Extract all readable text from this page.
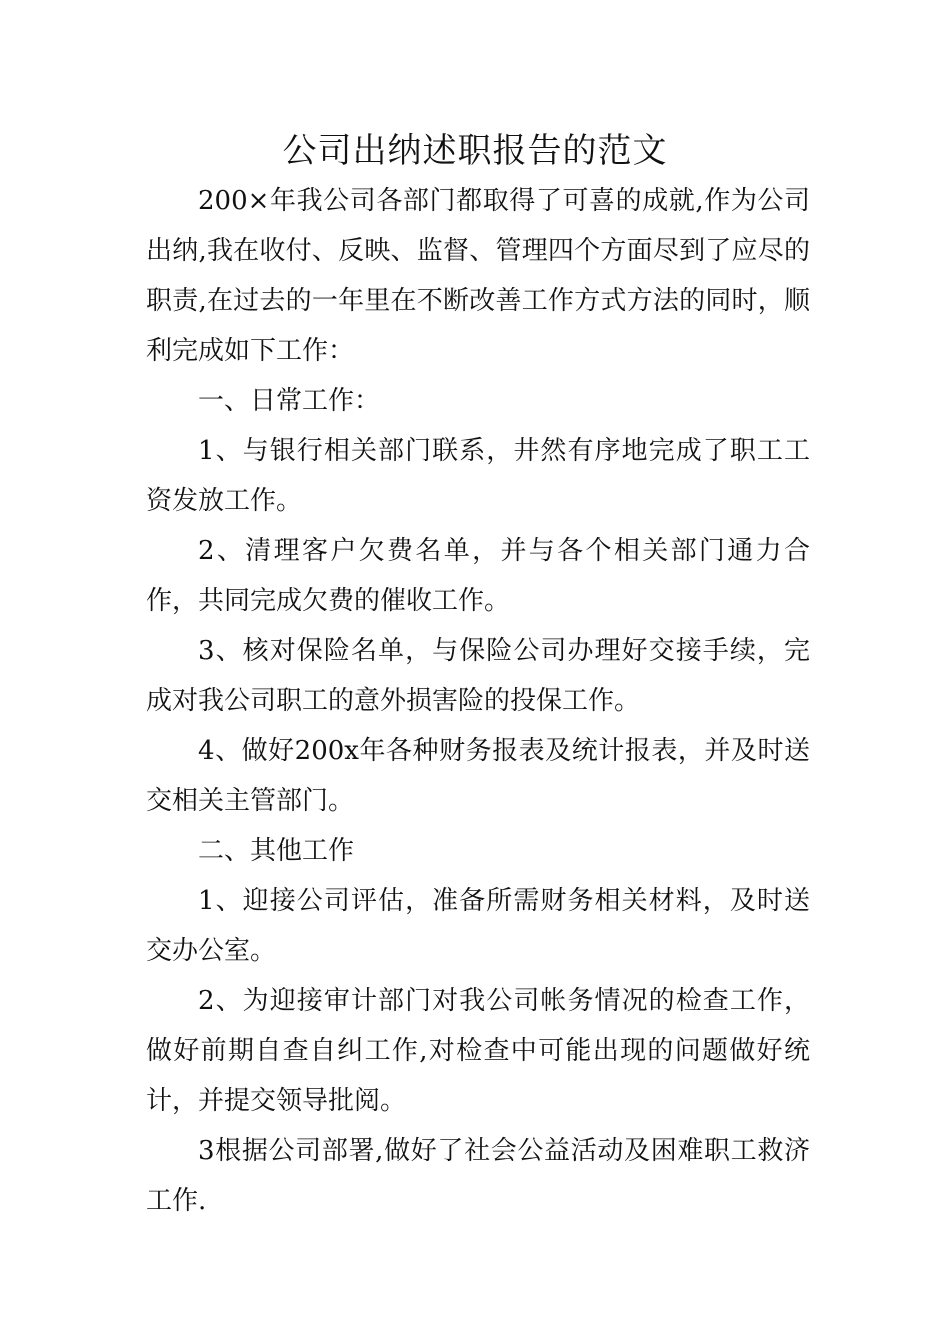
公司出纳述职报告的范文

200×年我公司各部门都取得了可喜的成就,作为公司出纳,我在收付、反映、监督、管理四个方面尽到了应尽的职责,在过去的一年里在不断改善工作方式方法的同时，顺利完成如下工作：

一、日常工作：

1、与银行相关部门联系，井然有序地完成了职工工资发放工作。

2、清理客户欠费名单，并与各个相关部门通力合作，共同完成欠费的催收工作。

3、核对保险名单，与保险公司办理好交接手续，完成对我公司职工的意外损害险的投保工作。

4、做好200x年各种财务报表及统计报表，并及时送交相关主管部门。

二、其他工作

1、迎接公司评估，准备所需财务相关材料，及时送交办公室。

2、为迎接审计部门对我公司帐务情况的检查工作，做好前期自查自纠工作,对检查中可能出现的问题做好统计，并提交领导批阅。

3根据公司部署,做好了社会公益活动及困难职工救济工作.
